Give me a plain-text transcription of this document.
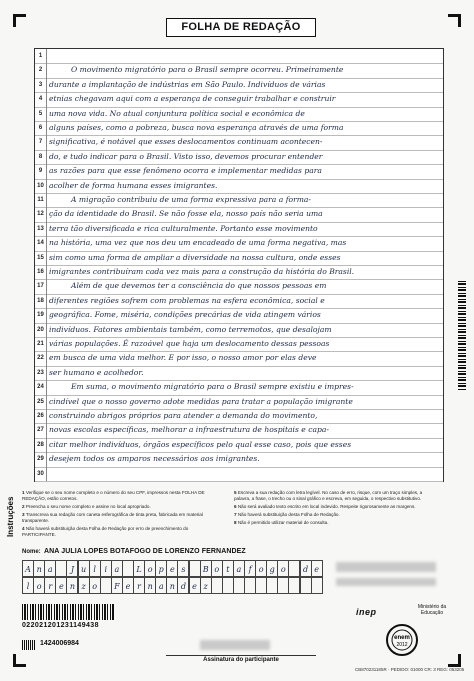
FOLHA DE REDAÇÃO
1
2	O movimento migratório para o Brasil sempre ocorreu. Primeiramente
3 durante a implantação de indústrias em São Paulo. Indivíduos de várias
4 etnias chegavam aqui com a esperança de conseguir trabalhar e construir
5 uma nova vida. No atual conjuntura política social e econômica de
6 alguns países, como a pobreza, busca nova esperança através de uma forma
7 significativa, é notável que esses deslocamentos continuam acontecen-
8 do, e tudo indicar para o Brasil. Visto isso, devemos procurar entender
9 as razões para que esse fenômeno ocorra e implementar medidas para
10 acolher de forma humana esses imigrantes.
11	A migração contribuiu de uma forma expressiva para a forma-
12 ção da identidade do Brasil. Se não fosse ela, nosso país não seria uma
13 terra tão diversificada e rica culturalmente. Portanto esse movimento
14 na história, uma vez que nos deu um encadeado de uma forma negativa, mas
15 sim como uma forma de ampliar a diversidade na nossa cultura, onde esses
16 imigrantes contribuíram cada vez mais para a construção da história do Brasil.
17	Além de que devemos ter a consciência do que nossos pessoas em
18 diferentes regiões sofrem com problemas na esfera econômica, social e
19 geográfica. Fome, miséria, condições precárias de vida atingem vários
20 indivíduos. Fatores ambientais também, como terremotos, que desalojam
21 várias populações. É razoável que haja um deslocamento dessas pessoas
22 em busca de uma vida melhor. E por isso, o nosso amor por elas deve
23 ser humano e acolhedor.
24	Em suma, o movimento migratório para o Brasil sempre existiu e impres-
25 cindível que o nosso governo adote medidas para tratar a população imigrante
26 construindo abrigos próprios para atender a demanda do movimento,
27 novas escolas específicas, melhorar a infraestrutura de hospitais e capa-
28 citar melhor indivíduos, órgãos específicos pelo qual esse caso, pois que esses
29 desejem todos os amparos necessários aos imigrantes.
30
Instruções
1 Verifique se o seu nome completo e o número do seu CPF, impressos nesta FOLHA DE REDAÇÃO, estão corretos.
2 Preencha o seu nome completo e assine no local apropriado.
3 Transcreva sua redação com caneta esferográfica de tinta preta, fabricada em material transparente.
4 Não haverá substituição desta Folha de Redação por erro de preenchimento do PARTICIPANTE.
5 Escreva a sua redação com letra legível. No caso de erro, risque, com um traço simples, a palavra, a frase, o trecho ou o sinal gráfico e escreva, em seguida, o respectivo substitutivo.
6 Não será avaliado texto escrito em local indevido. Respeite rigorosamente as margens.
7 Não haverá substituição desta Folha de Redação.
8 Não é permitido utilizar material de consulta.
Nome: ANA JULIA LOPES BOTAFOGO DE LORENZO FERNANDEZ
A n a	J u l	i a	L o p e s	B o t a f o g o	d e
l o r e n z o	F e r n a n d e z
022021201231149438
1424006984
Assinatura do participante
inep	Ministério da Educação
enem
2012
CB870231185R · PEDIDO: 01000 CR: 3 REG: 053205
